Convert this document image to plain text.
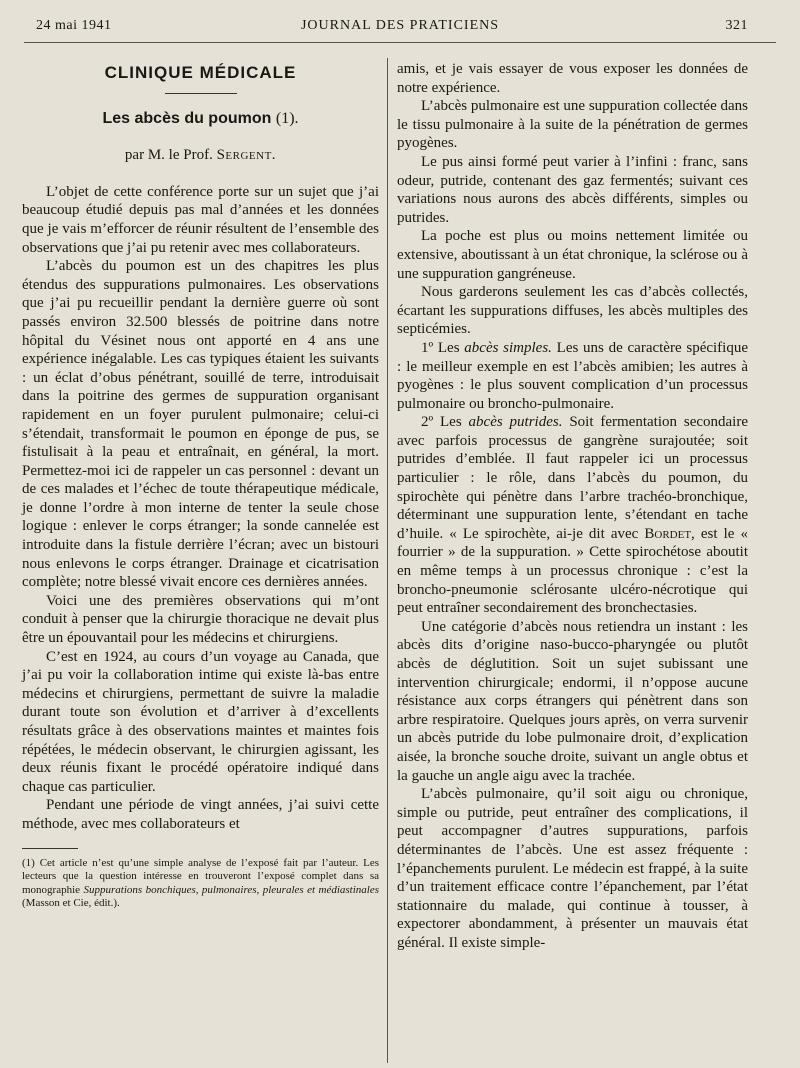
24 mai 1941	JOURNAL DES PRATICIENS	321
CLINIQUE MÉDICALE
Les abcès du poumon (1).
par M. le Prof. Sergent.

L’objet de cette conférence porte sur un sujet que j’ai beaucoup étudié depuis pas mal d’années et les données que je vais m’efforcer de réunir résultent de l’ensemble des observations que j’ai pu retenir avec mes collaborateurs.

L’abcès du poumon est un des chapitres les plus étendus des suppurations pulmonaires. Les observations que j’ai pu recueillir pendant la dernière guerre où sont passés environ 32.500 blessés de poitrine dans notre hôpital du Vésinet nous ont apporté en 4 ans une expérience inégalable. Les cas typiques étaient les suivants : un éclat d’obus pénétrant, souillé de terre, introduisait dans la poitrine des germes de suppuration organisant rapidement en un foyer purulent pulmonaire; celui-ci s’étendait, transformait le poumon en éponge de pus, se fistulisait à la peau et entraînait, en général, la mort. Permettez-moi ici de rappeler un cas personnel : devant un de ces malades et l’échec de toute thérapeutique médicale, je donne l’ordre à mon interne de tenter la seule chose logique : enlever le corps étranger; la sonde cannelée est introduite dans la fistule derrière l’écran; avec un bistouri nous enlevons le corps étranger. Drainage et cicatrisation complète; notre blessé vivait encore ces dernières années.

Voici une des premières observations qui m’ont conduit à penser que la chirurgie thoracique ne devait plus être un épouvantail pour les médecins et chirurgiens.

C’est en 1924, au cours d’un voyage au Canada, que j’ai pu voir la collaboration intime qui existe là-bas entre médecins et chirurgiens, permettant de suivre la maladie durant toute son évolution et d’arriver à d’excellents résultats grâce à des observations maintes et maintes fois répétées, le médecin observant, le chirurgien agissant, les deux réunis fixant le procédé opératoire indiqué dans chaque cas particulier.

Pendant une période de vingt années, j’ai suivi cette méthode, avec mes collaborateurs et

(1) Cet article n’est qu’une simple analyse de l’exposé fait par l’auteur. Les lecteurs que la question intéresse en trouveront l’exposé complet dans sa monographie Suppurations bonchiques, pulmonaires, pleurales et médiastinales (Masson et Cie, édit.).

amis, et je vais essayer de vous exposer les données de notre expérience.

L’abcès pulmonaire est une suppuration collectée dans le tissu pulmonaire à la suite de la pénétration de germes pyogènes.

Le pus ainsi formé peut varier à l’infini : franc, sans odeur, putride, contenant des gaz fermentés; suivant ces variations nous aurons des abcès différents, simples ou putrides.

La poche est plus ou moins nettement limitée ou extensive, aboutissant à un état chronique, la sclérose ou à une suppuration gangréneuse.

Nous garderons seulement les cas d’abcès collectés, écartant les suppurations diffuses, les abcès multiples des septicémies.

1º Les abcès simples. Les uns de caractère spécifique : le meilleur exemple en est l’abcès amibien; les autres à pyogènes : le plus souvent complication d’un processus pulmonaire ou broncho-pulmonaire.

2º Les abcès putrides. Soit fermentation secondaire avec parfois processus de gangrène surajoutée; soit putrides d’emblée. Il faut rappeler ici un processus particulier : le rôle, dans l’abcès du poumon, du spirochète qui pénètre dans l’arbre trachéo-bronchique, déterminant une suppuration lente, s’étendant en tache d’huile. « Le spirochète, ai-je dit avec Bordet, est le « fourrier » de la suppuration. » Cette spirochétose aboutit en même temps à un processus chronique : c’est la broncho-pneumonie sclérosante ulcéro-nécrotique qui peut entraîner secondairement des bronchectasies.

Une catégorie d’abcès nous retiendra un instant : les abcès dits d’origine naso-bucco-pharyngée ou plutôt abcès de déglutition. Soit un sujet subissant une intervention chirurgicale; endormi, il n’oppose aucune résistance aux corps étrangers qui pénètrent dans son arbre respiratoire. Quelques jours après, on verra survenir un abcès putride du lobe pulmonaire droit, d’explication aisée, la bronche souche droite, suivant un angle obtus et la gauche un angle aigu avec la trachée.

L’abcès pulmonaire, qu’il soit aigu ou chronique, simple ou putride, peut entraîner des complications, il peut accompagner d’autres suppurations, parfois déterminantes de l’abcès. Une est assez fréquente : l’épanchements purulent. Le médecin est frappé, à la suite d’un traitement efficace contre l’épanchement, par l’état stationnaire du malade, qui continue à tousser, à expectorer abondamment, à présenter un mauvais état général. Il existe simple-
